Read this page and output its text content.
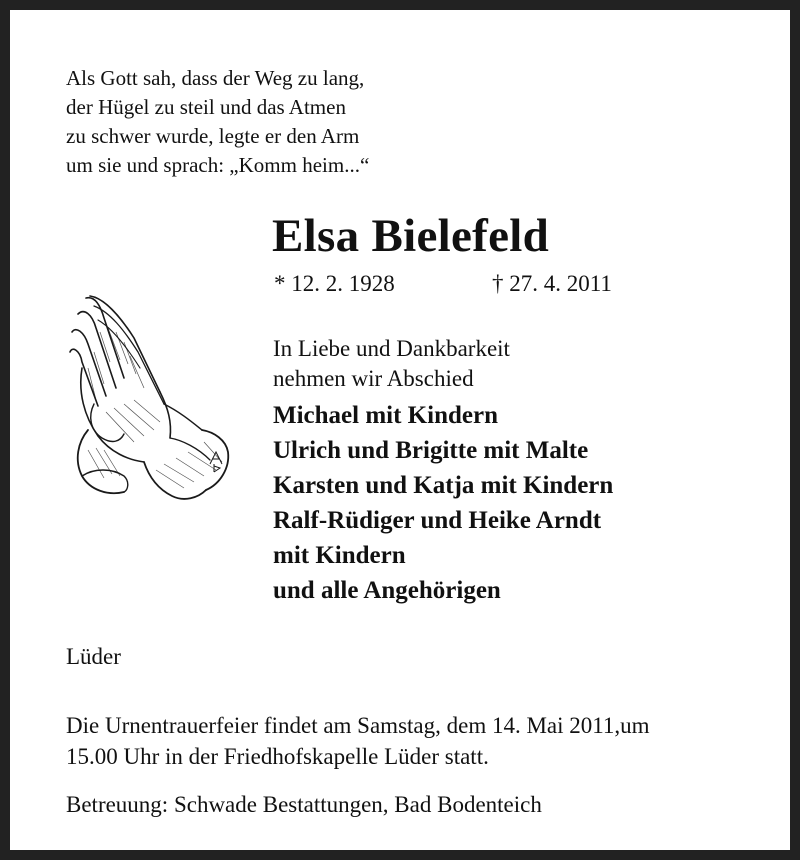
Als Gott sah, dass der Weg zu lang,
der Hügel zu steil und das Atmen
zu schwer wurde, legte er den Arm
um sie und sprach: „Komm heim...“
Elsa Bielefeld
* 12. 2. 1928	† 27. 4. 2011
In Liebe und Dankbarkeit
nehmen wir Abschied
Michael mit Kindern
Ulrich und Brigitte mit Malte
Karsten und Katja mit Kindern
Ralf-Rüdiger und Heike Arndt
mit Kindern
und alle Angehörigen
Lüder
Die Urnentrauerfeier findet am Samstag, dem 14. Mai 2011,um
15.00 Uhr in der Friedhofskapelle Lüder statt.
Betreuung: Schwade Bestattungen, Bad Bodenteich
